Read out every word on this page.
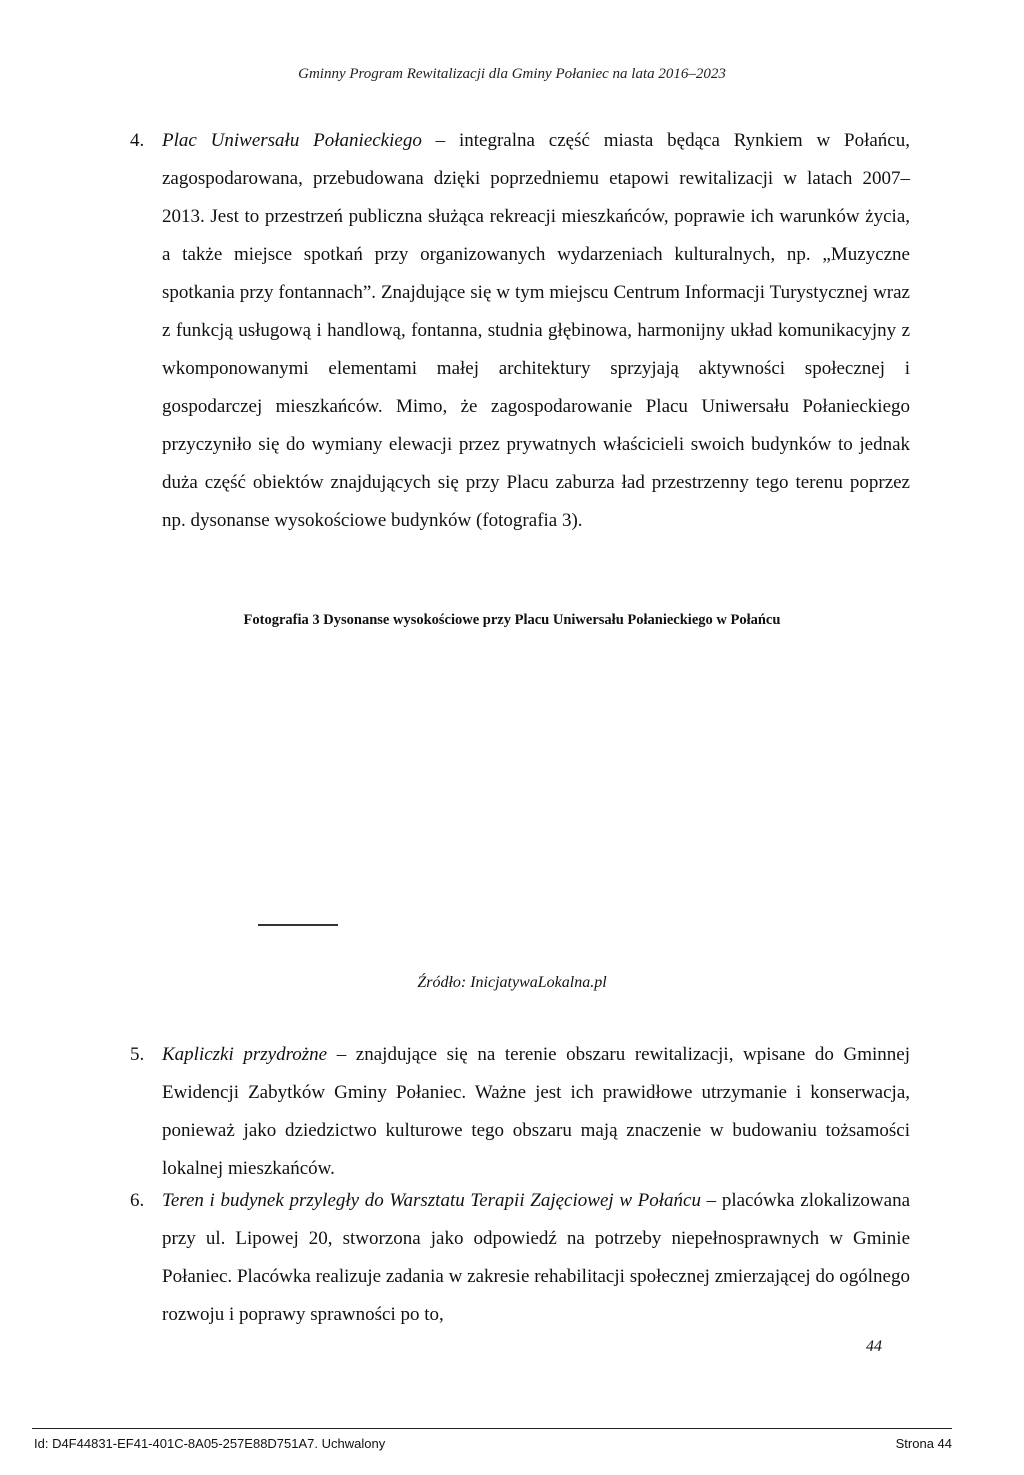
Gminny Program Rewitalizacji dla Gminy Połaniec na lata 2016–2023
4. Plac Uniwersału Połanieckiego – integralna część miasta będąca Rynkiem w Połańcu, zagospodarowana, przebudowana dzięki poprzedniemu etapowi rewitalizacji w latach 2007–2013. Jest to przestrzeń publiczna służąca rekreacji mieszkańców, poprawie ich warunków życia, a także miejsce spotkań przy organizowanych wydarzeniach kulturalnych, np. „Muzyczne spotkania przy fontannach”. Znajdujące się w tym miejscu Centrum Informacji Turystycznej wraz z funkcją usługową i handlową, fontanna, studnia głębinowa, harmonijny układ komunikacyjny z wkomponowanymi elementami małej architektury sprzyjają aktywności społecznej i gospodarczej mieszkańców. Mimo, że zagospodarowanie Placu Uniwersału Połanieckiego przyczyniło się do wymiany elewacji przez prywatnych właścicieli swoich budynków to jednak duża część obiektów znajdujących się przy Placu zaburza ład przestrzenny tego terenu poprzez np. dysonanse wysokościowe budynków (fotografia 3).
Fotografia 3 Dysonanse wysokościowe przy Placu Uniwersału Połanieckiego w Połańcu
Źródło: InicjatywaLokalna.pl
5. Kapliczki przydrożne – znajdujące się na terenie obszaru rewitalizacji, wpisane do Gminnej Ewidencji Zabytków Gminy Połaniec. Ważne jest ich prawidłowe utrzymanie i konserwacja, ponieważ jako dziedzictwo kulturowe tego obszaru mają znaczenie w budowaniu tożsamości lokalnej mieszkańców.
6. Teren i budynek przyległy do Warsztatu Terapii Zajęciowej w Połańcu – placówka zlokalizowana przy ul. Lipowej 20, stworzona jako odpowiedź na potrzeby niepełnosprawnych w Gminie Połaniec. Placówka realizuje zadania w zakresie rehabilitacji społecznej zmierzającej do ogólnego rozwoju i poprawy sprawności po to,
44
Id: D4F44831-EF41-401C-8A05-257E88D751A7. Uchwalony	Strona 44
